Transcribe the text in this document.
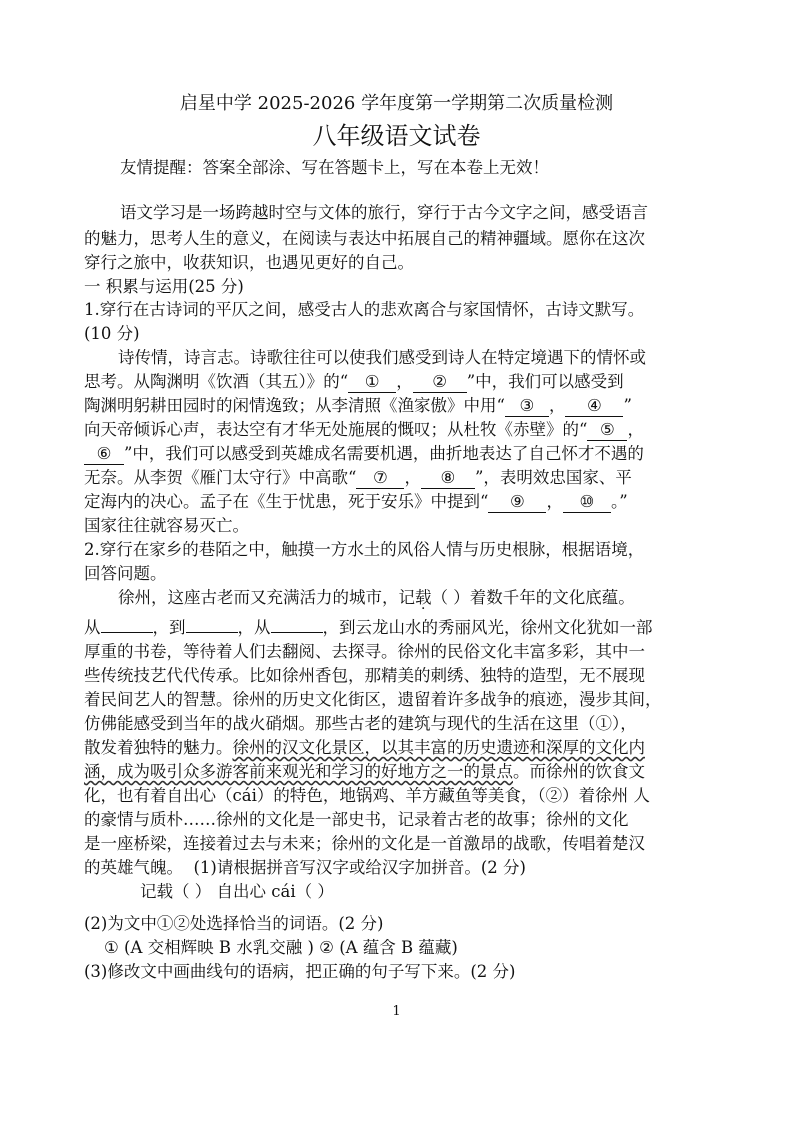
启星中学 2025-2026 学年度第一学期第二次质量检测
八年级语文试卷
友情提醒：答案全部涂、写在答题卡上，写在本卷上无效！
语文学习是一场跨越时空与文体的旅行，穿行于古今文字之间，感受语言
的魅力，思考人生的意义，在阅读与表达中拓展自己的精神疆域。愿你在这次
穿行之旅中，收获知识，也遇见更好的自己。
一 积累与运用(25 分)
1.穿行在古诗词的平仄之间，感受古人的悲欢离合与家国情怀，古诗文默写。
(10 分)
诗传情，诗言志。诗歌往往可以使我们感受到诗人在特定境遇下的情怀或
思考。从陶渊明《饮酒（其五）》的“ ① ， ② ”中，我们可以感受到
陶渊明躬耕田园时的闲情逸致；从李清照《渔家傲》中用“ ③ ， ④ ”
向天帝倾诉心声，表达空有才华无处施展的慨叹；从杜牧《赤壁》的“ ⑤ ，
⑥ ”中，我们可以感受到英雄成名需要机遇，曲折地表达了自己怀才不遇的
无奈。从李贺《雁门太守行》中高歌“ ⑦ ， ⑧ ”，表明效忠国家、平
定海内的决心。孟子在《生于忧患，死于安乐》中提到“ ⑨ ， ⑩ 。”
国家往往就容易灭亡。
2.穿行在家乡的巷陌之中，触摸一方水土的风俗人情与历史根脉，根据语境，
回答问题。
徐州，这座古老而又充满活力的城市，记载（ ）着数千年的文化底蕴。
从	，到	，从	，到云龙山水的秀丽风光，徐州文化犹如一部
厚重的书卷，等待着人们去翻阅、去探寻。徐州的民俗文化丰富多彩，其中一
些传统技艺代代传承。比如徐州香包，那精美的刺绣、独特的造型，无不展现
着民间艺人的智慧。徐州的历史文化街区，遗留着许多战争的痕迹，漫步其间，
仿佛能感受到当年的战火硝烟。那些古老的建筑与现代的生活在这里（①），
散发着独特的魅力。徐州的汉文化景区，以其丰富的历史遗迹和深厚的文化内
涵，成为吸引众多游客前来观光和学习的好地方之一的景点。而徐州的饮食文
化，也有着自出心（cái）的特色，地锅鸡、羊方藏鱼等美食，（②）着徐州 人
的豪情与质朴……徐州的文化是一部史书，记录着古老的故事；徐州的文化
是一座桥梁，连接着过去与未来；徐州的文化是一首激昂的战歌，传唱着楚汉
的英雄气魄。 (1)请根据拼音写汉字或给汉字加拼音。(2 分)
记载（ ） 自出心 cái（ ）
(2)为文中①②处选择恰当的词语。(2 分)
① (A 交相辉映 B 水乳交融 ) ② (A 蕴含 B 蕴藏)
(3)修改文中画曲线句的语病，把正确的句子写下来。(2 分)
1
